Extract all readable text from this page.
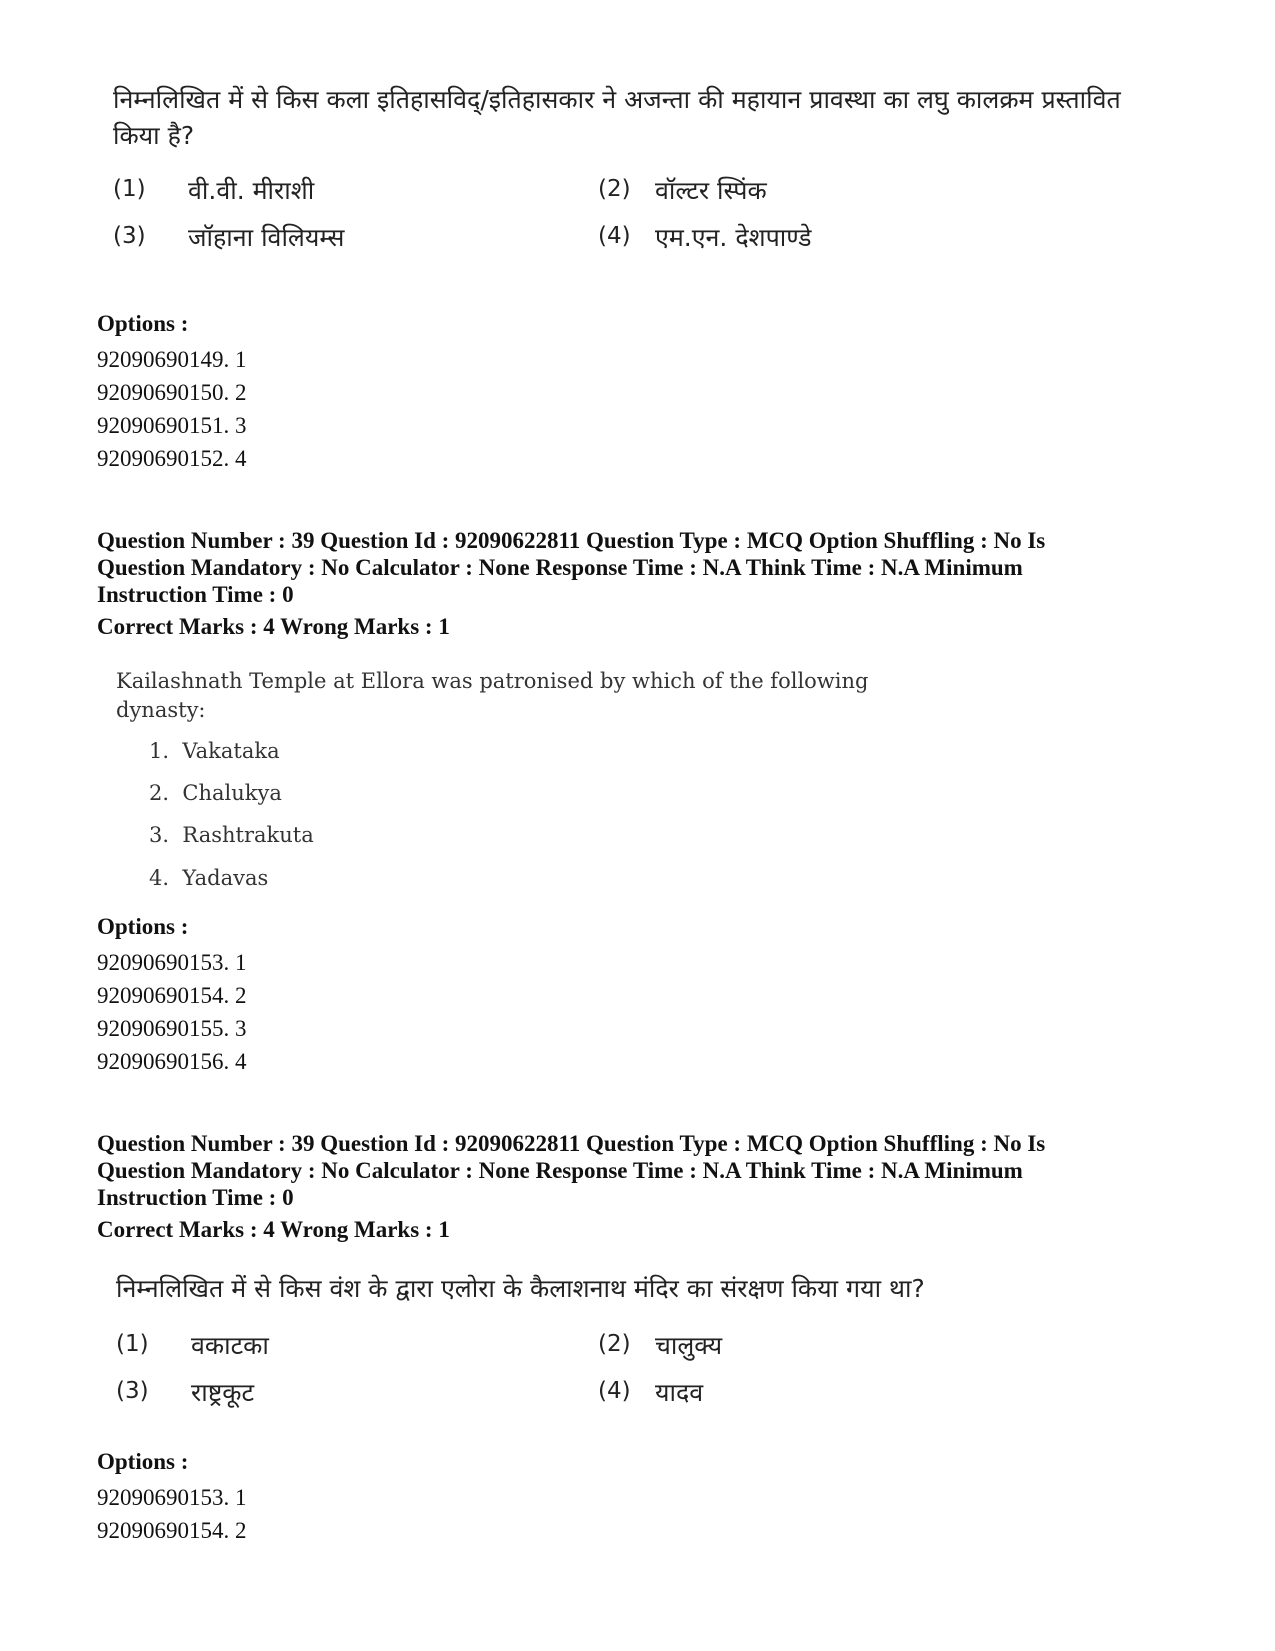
निम्नलिखित में से किस कला इतिहासविद्/इतिहासकार ने अजन्ता की महायान प्रावस्था का लघु कालक्रम प्रस्तावित किया है?
(1) वी.वी. मीराशी	(2) वॉल्टर स्पिंक
(3) जॉहाना विलियम्स	(4) एम.एन. देशपाण्डे
Options :
92090690149. 1
92090690150. 2
92090690151. 3
92090690152. 4
Question Number : 39 Question Id : 92090622811 Question Type : MCQ Option Shuffling : No Is
Question Mandatory : No Calculator : None Response Time : N.A Think Time : N.A Minimum
Instruction Time : 0
Correct Marks : 4 Wrong Marks : 1
Kailashnath Temple at Ellora was patronised by which of the following
dynasty:
1. Vakataka
2. Chalukya
3. Rashtrakuta
4. Yadavas
Options :
92090690153. 1
92090690154. 2
92090690155. 3
92090690156. 4
Question Number : 39 Question Id : 92090622811 Question Type : MCQ Option Shuffling : No Is
Question Mandatory : No Calculator : None Response Time : N.A Think Time : N.A Minimum
Instruction Time : 0
Correct Marks : 4 Wrong Marks : 1
निम्नलिखित में से किस वंश के द्वारा एलोरा के कैलाशनाथ मंदिर का संरक्षण किया गया था?
(1) वकाटका	(2) चालुक्य
(3) राष्ट्रकूट	(4) यादव
Options :
92090690153. 1
92090690154. 2
